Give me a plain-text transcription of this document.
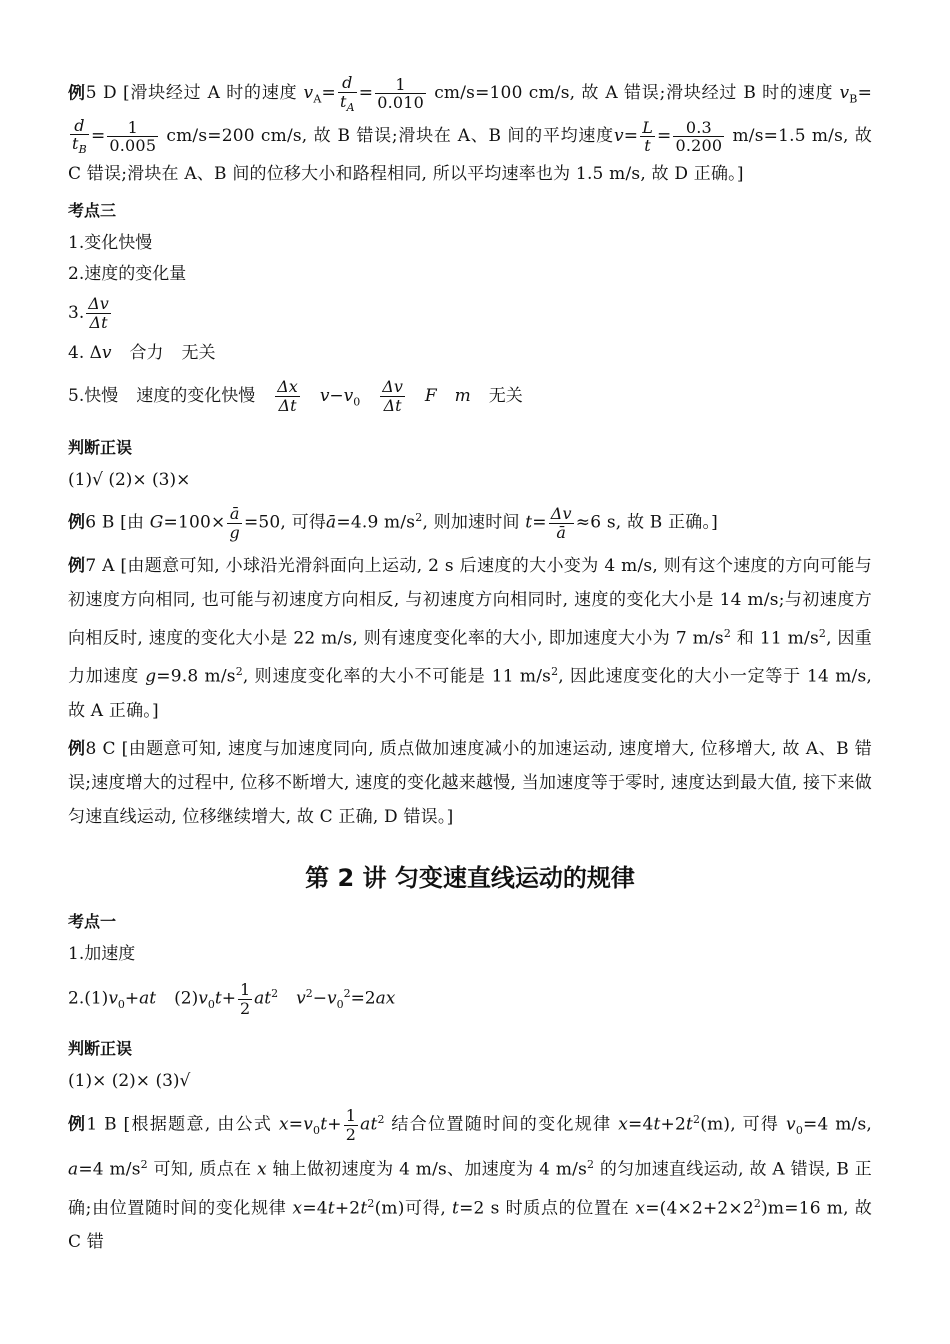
例5 D [滑块经过 A 时的速度 $v_A= \frac{d}{t_A} = \frac{1}{0.010} cm/s=100$ cm/s, 故 A 错误;滑块经过 B 时的速度 $v_B=$
$\frac{d}{t_B} = \frac{1}{0.005} cm/s=200$ cm/s, 故 B 错误;滑块在 A、B 间的平均速度$v= \frac{L}{t} = \frac{0.3}{0.200} m/s=1.5$ m/s, 故 C 错误;滑块在 A、B 间的位移大小和路程相同, 所以平均速率也为 1.5 m/s, 故 D 正确。]

考点三

1.变化快慢

2.速度的变化量

3. $\frac{\Delta v}{\Delta t}$

4. Δv 合力 无关

5.快慢 速度的变化快慢 $\frac{\Delta x}{\Delta t} v-v_0 \frac{\Delta v}{\Delta t}$ F m 无关

判断正误

(1)√ (2)× (3)×

例6 B [由 $G=100\times \frac{ā}{g} =50$, 可得ā=4.9 $m/s^2$, 则加速时间 $t= \frac{\Delta v}{ā} \approx 6$ s, 故 B 正确。]

例7 A [由题意可知, 小球沿光滑斜面向上运动, 2 s 后速度的大小变为 4 m/s, 则有这个速度的方向可能与初速度方向相同, 也可能与初速度方向相反, 与初速度方向相同时, 速度的变化大小是 14 m/s;与初速度方向相反时, 速度的变化大小是 22 m/s, 则有速度变化率的大小, 即加速度大小为 7 $m/s^2$ 和 11 $m/s^2$, 因重力加速度 g=9.8 $m/s^2$, 则速度变化率的大小不可能是 11 $m/s^2$, 因此速度变化的大小一定等于 14 m/s, 故 A 正确。]

例8 C [由题意可知, 速度与加速度同向, 质点做加速度减小的加速运动, 速度增大, 位移增大, 故 A、B 错误;速度增大的过程中, 位移不断增大, 速度的变化越来越慢, 当加速度等于零时, 速度达到最大值, 接下来做匀速直线运动, 位移继续增大, 故 C 正确, D 错误。]

第 2 讲 匀变速直线运动的规律
考点一

1.加速度

$2.(1)v_0+at$ $(2)v_0t+ \frac{1}{2} at^2$ $v^2-v_0^2=2ax$

判断正误

(1)× (2)× (3)√

例1 B [根据题意, 由公式 $x=v_0t+ \frac{1}{2} at^2$ 结合位置随时间的变化规律 $x=4t+2t^2(m)$, 可得 $v_0=4$ m/s, a=4 $m/s^2$ 可知, 质点在 x 轴上做初速度为 4 m/s、加速度为 4 $m/s^2$ 的匀加速直线运动, 故 A 错误, B 正确;由位置随时间的变化规律 $x=4t+2t^2(m)$可得, t=2 s 时质点的位置在 $x=(4\times 2+2\times 2^2)m=16$ m, 故 C 错
